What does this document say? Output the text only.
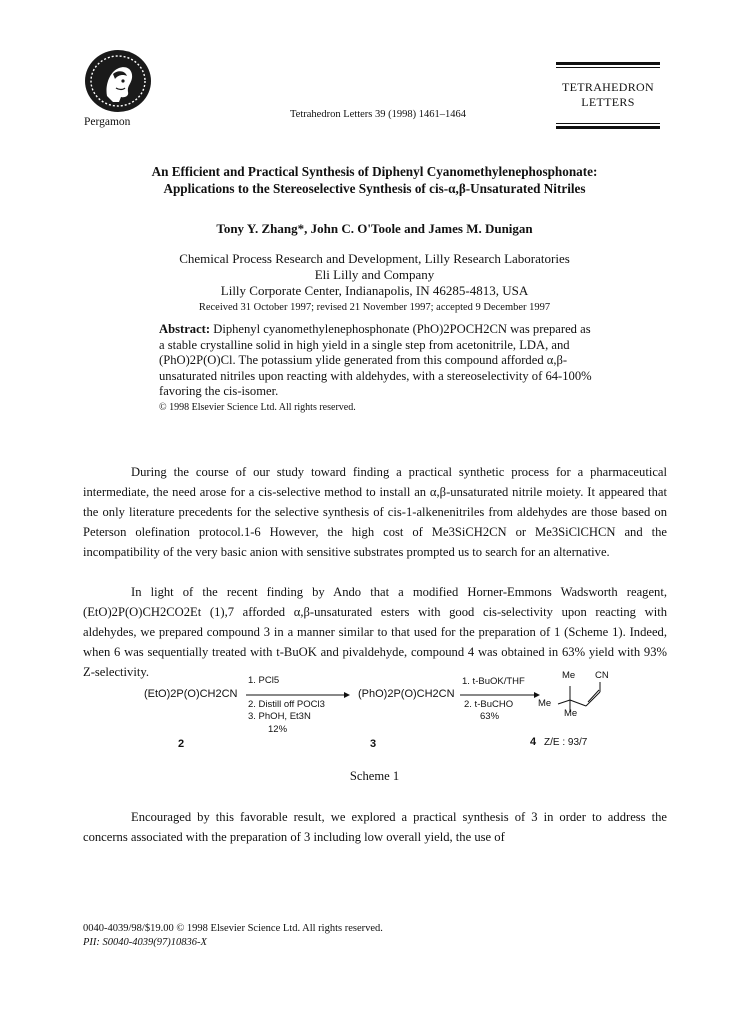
Pergamon
Tetrahedron Letters 39 (1998) 1461–1464
TETRAHEDRON
LETTERS
An Efficient and Practical Synthesis of Diphenyl Cyanomethylenephosphonate:
Applications to the Stereoselective Synthesis of cis-α,β-Unsaturated Nitriles
Tony Y. Zhang*, John C. O'Toole and James M. Dunigan
Chemical Process Research and Development, Lilly Research Laboratories
Eli Lilly and Company
Lilly Corporate Center, Indianapolis, IN 46285-4813, USA
Received 31 October 1997; revised 21 November 1997; accepted 9 December 1997
Abstract: Diphenyl cyanomethylenephosphonate (PhO)2POCH2CN was prepared as a stable crystalline solid in high yield in a single step from acetonitrile, LDA, and (PhO)2P(O)Cl. The potassium ylide generated from this compound afforded α,β-unsaturated nitriles upon reacting with aldehydes, with a stereoselectivity of 64-100% favoring the cis-isomer.
© 1998 Elsevier Science Ltd. All rights reserved.

During the course of our study toward finding a practical synthetic process for a pharmaceutical intermediate, the need arose for a cis-selective method to install an α,β-unsaturated nitrile moiety. It appeared that the only literature precedents for the selective synthesis of cis-1-alkenenitriles from aldehydes are those based on Peterson olefination protocol.1-6 However, the high cost of Me3SiCH2CN or Me3SiClCHCN and the incompatibility of the very basic anion with sensitive substrates prompted us to search for an alternative.

In light of the recent finding by Ando that a modified Horner-Emmons Wadsworth reagent, (EtO)2P(O)CH2CO2Et (1),7 afforded α,β-unsaturated esters with good cis-selectivity upon reacting with aldehydes, we prepared compound 3 in a manner similar to that used for the preparation of 1 (Scheme 1). Indeed, when 6 was sequentially treated with t-BuOK and pivaldehyde, compound 4 was obtained in 63% yield with 93% Z-selectivity.

(EtO)2P(O)CH2CN
1. PCl5
2. Distill off POCl3
3. PhOH, Et3N
12%
(PhO)2P(O)CH2CN
1. t-BuOK/THF
2. t-BuCHO
63%
Me CN
Me
Me
2	3	4 Z/E : 93/7
Scheme 1

Encouraged by this favorable result, we explored a practical synthesis of 3 in order to address the concerns associated with the preparation of 3 including low overall yield, the use of

0040-4039/98/$19.00 © 1998 Elsevier Science Ltd. All rights reserved.
PII: S0040-4039(97)10836-X
